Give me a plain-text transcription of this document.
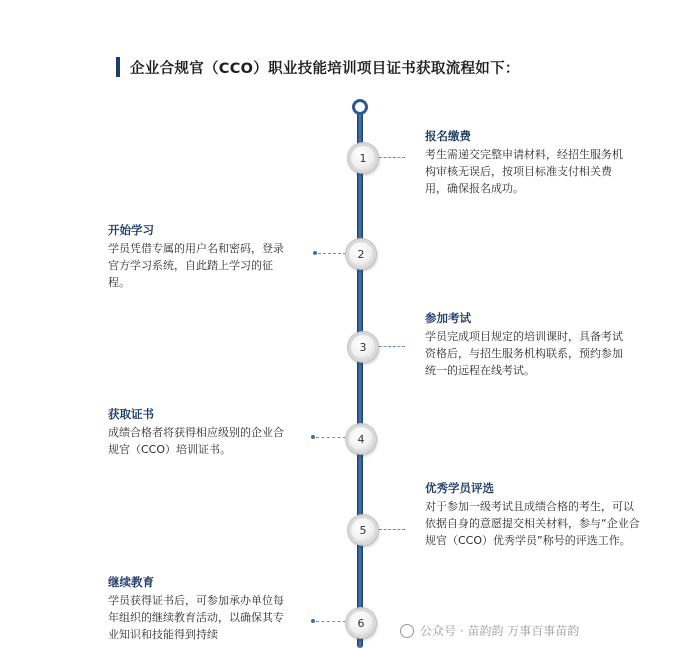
企业合规官（CCO）职业技能培训项目证书获取流程如下：
1
报名缴费
考生需递交完整申请材料，经招生服务机构审核无误后，按项目标准支付相关费用，确保报名成功。
2
开始学习
学员凭借专属的用户名和密码，登录官方学习系统，自此踏上学习的征程。
3
参加考试
学员完成项目规定的培训课时，具备考试资格后，与招生服务机构联系，预约参加统一的远程在线考试。
4
获取证书
成绩合格者将获得相应级别的企业合规官（CCO）培训证书。
5
优秀学员评选
对于参加一级考试且成绩合格的考生，可以依据自身的意愿提交相关材料，参与“企业合规官（CCO）优秀学员”称号的评选工作。
6
继续教育
学员获得证书后，可参加承办单位每年组织的继续教育活动，以确保其专业知识和技能得到持续	公众号 · 苗韵韵 万事百事苗韵
